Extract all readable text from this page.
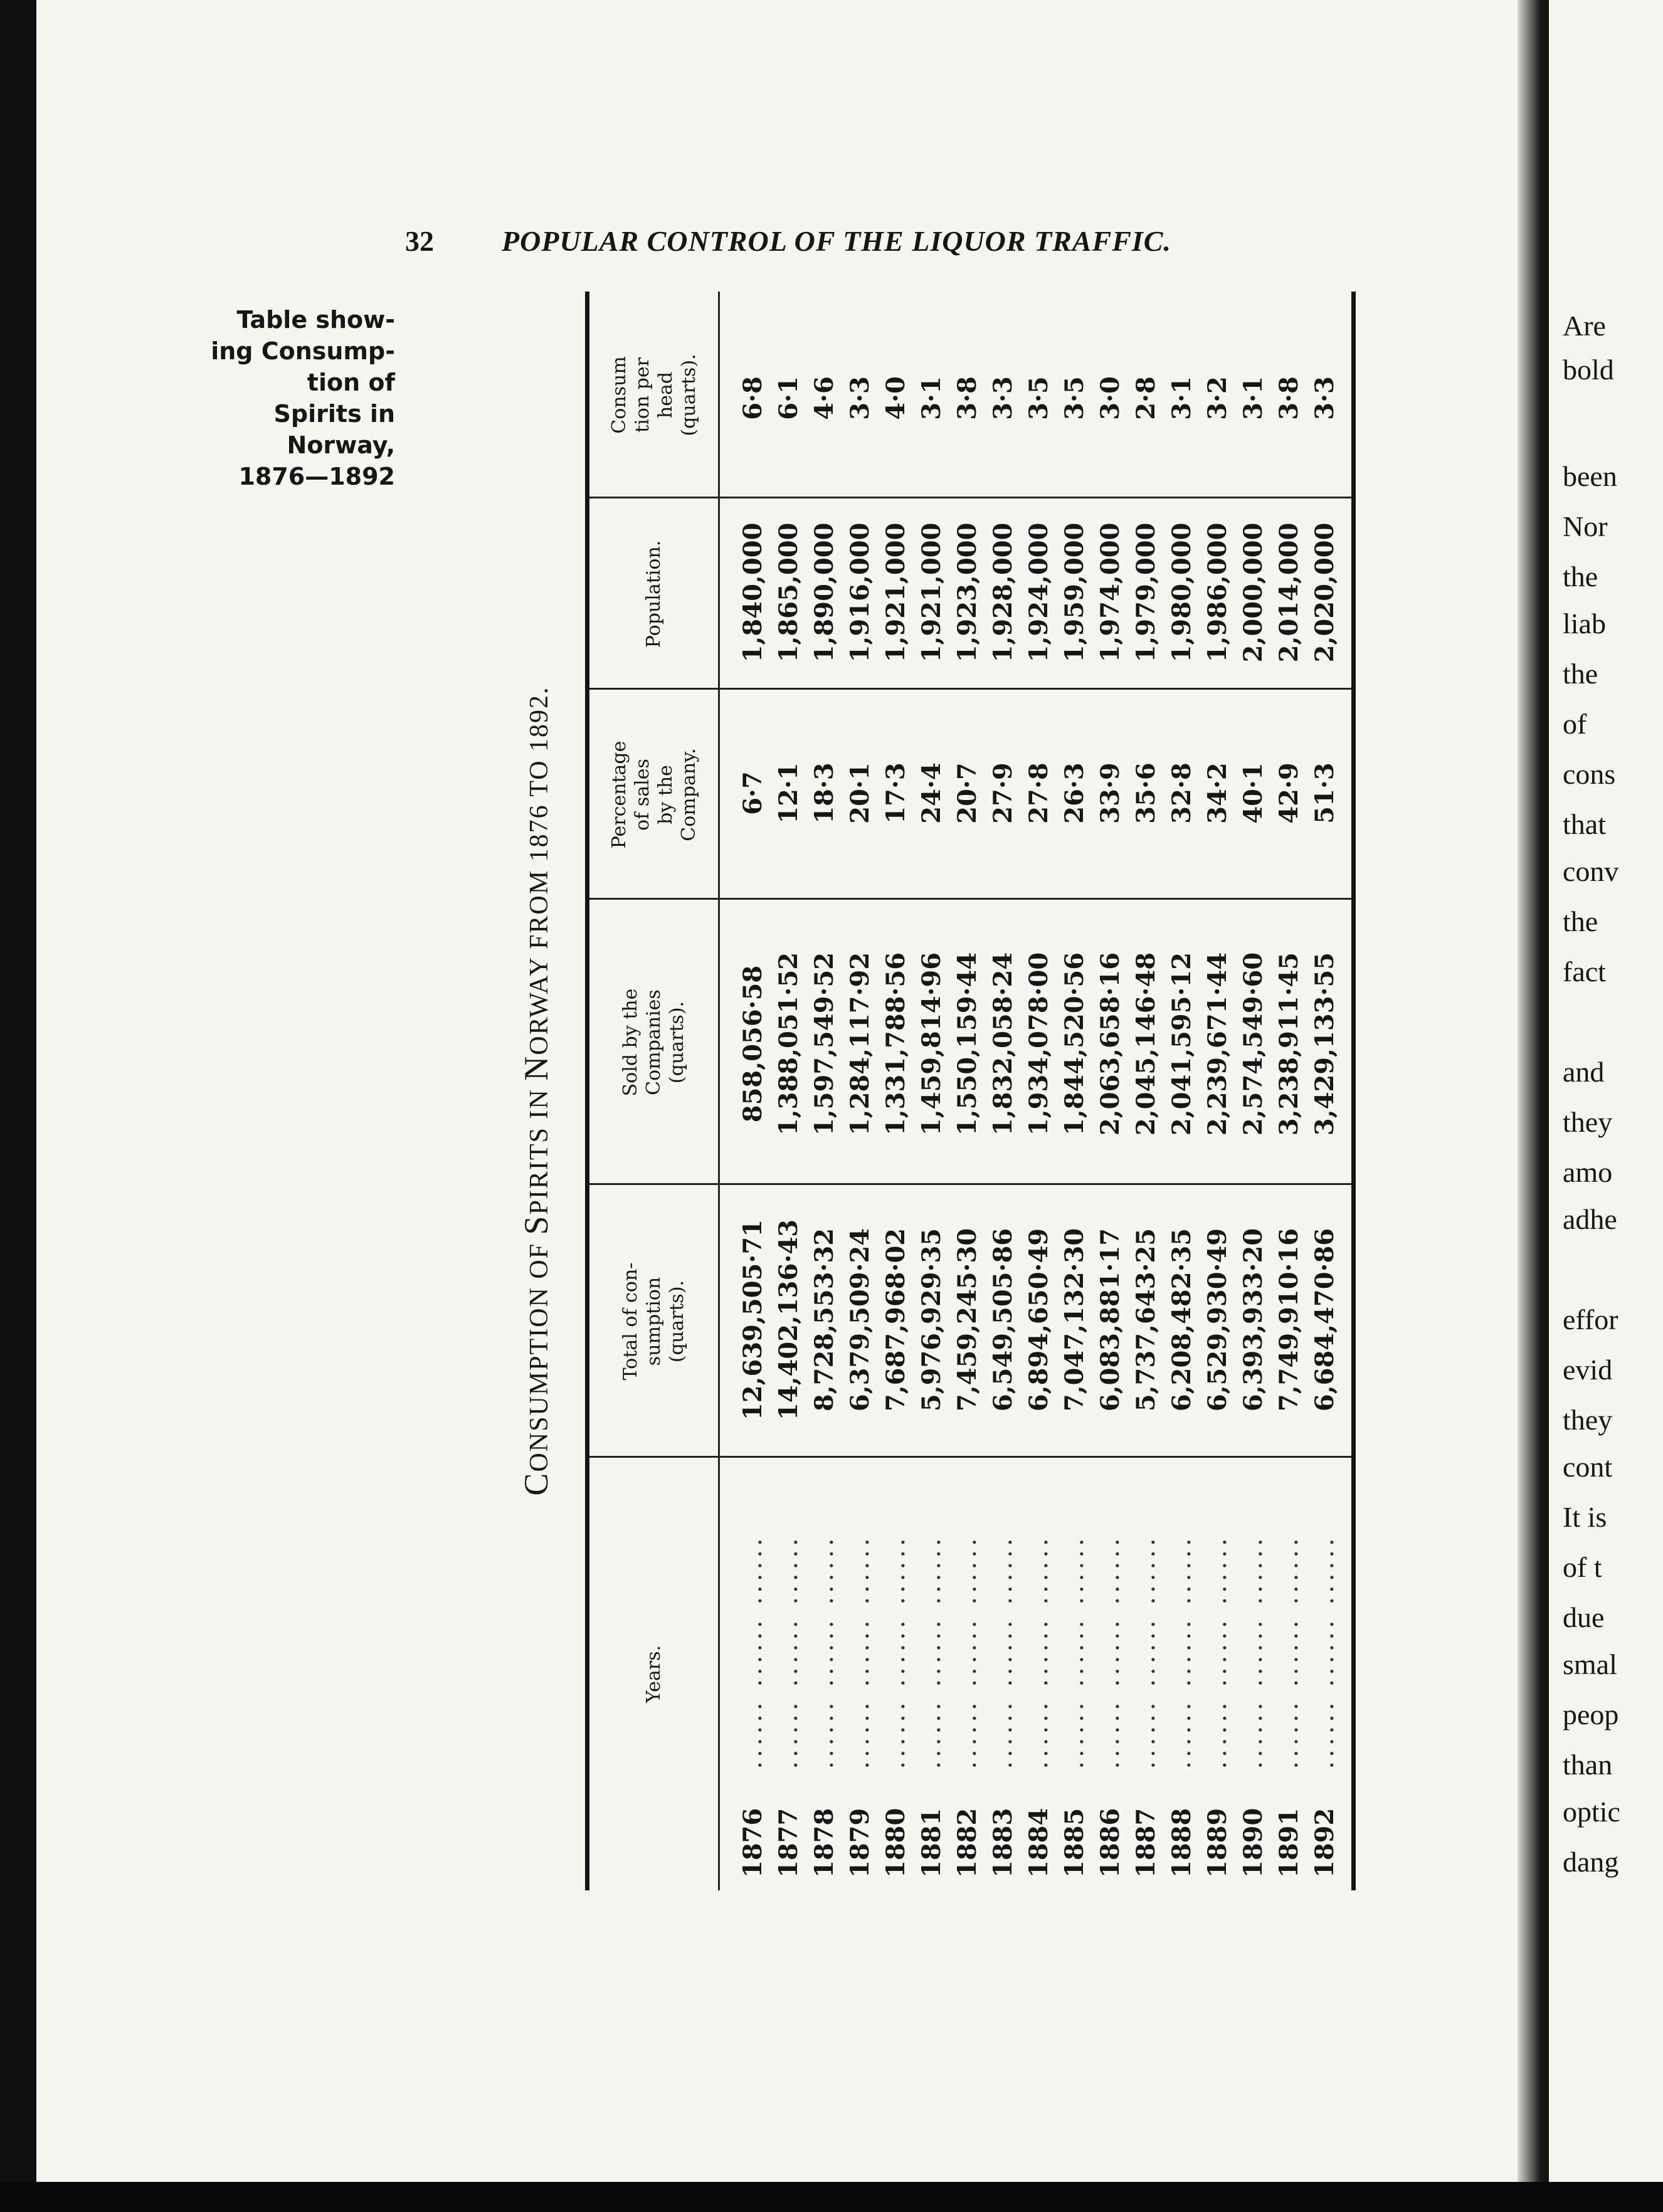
Are
bold
been
Nor
the
liab
the
of
cons
that
conv
the
fact
and
they
amo
adhe
effor
evid
they
cont
It is
of t
due
smal
peop
than
optic
dang
32 POPULAR CONTROL OF THE LIQUOR TRAFFIC.
Table show-
ing Consump-
tion of
Spirits in
Norway,
1876—1892
CONSUMPTION OF SPIRITS IN NORWAY FROM 1876 TO 1892.
Years.
Total of con-
sumption
(quarts).
Sold by the
Companies
(quarts).
Percentage
of sales
by the
Company.
Population.
Consum
tion per
head
(quarts).
1876...... ...... ......
12,639,505·71
858,056·58
6·7
1,840,000
6·8
1877...... ...... ......
14,402,136·43
1,388,051·52
12·1
1,865,000
6·1
1878...... ...... ......
8,728,553·32
1,597,549·52
18·3
1,890,000
4·6
1879...... ...... ......
6,379,509·24
1,284,117·92
20·1
1,916,000
3·3
1880...... ...... ......
7,687,968·02
1,331,788·56
17·3
1,921,000
4·0
1881...... ...... ......
5,976,929·35
1,459,814·96
24·4
1,921,000
3·1
1882...... ...... ......
7,459,245·30
1,550,159·44
20·7
1,923,000
3·8
1883...... ...... ......
6,549,505·86
1,832,058·24
27·9
1,928,000
3·3
1884...... ...... ......
6,894,650·49
1,934,078·00
27·8
1,924,000
3·5
1885...... ...... ......
7,047,132·30
1,844,520·56
26·3
1,959,000
3·5
1886...... ...... ......
6,083,881·17
2,063,658·16
33·9
1,974,000
3·0
1887...... ...... ......
5,737,643·25
2,045,146·48
35·6
1,979,000
2·8
1888...... ...... ......
6,208,482·35
2,041,595·12
32·8
1,980,000
3·1
1889...... ...... ......
6,529,930·49
2,239,671·44
34·2
1,986,000
3·2
1890...... ...... ......
6,393,933·20
2,574,549·60
40·1
2,000,000
3·1
1891...... ...... ......
7,749,910·16
3,238,911·45
42·9
2,014,000
3·8
1892...... ...... ......
6,684,470·86
3,429,133·55
51·3
2,020,000
3·3
